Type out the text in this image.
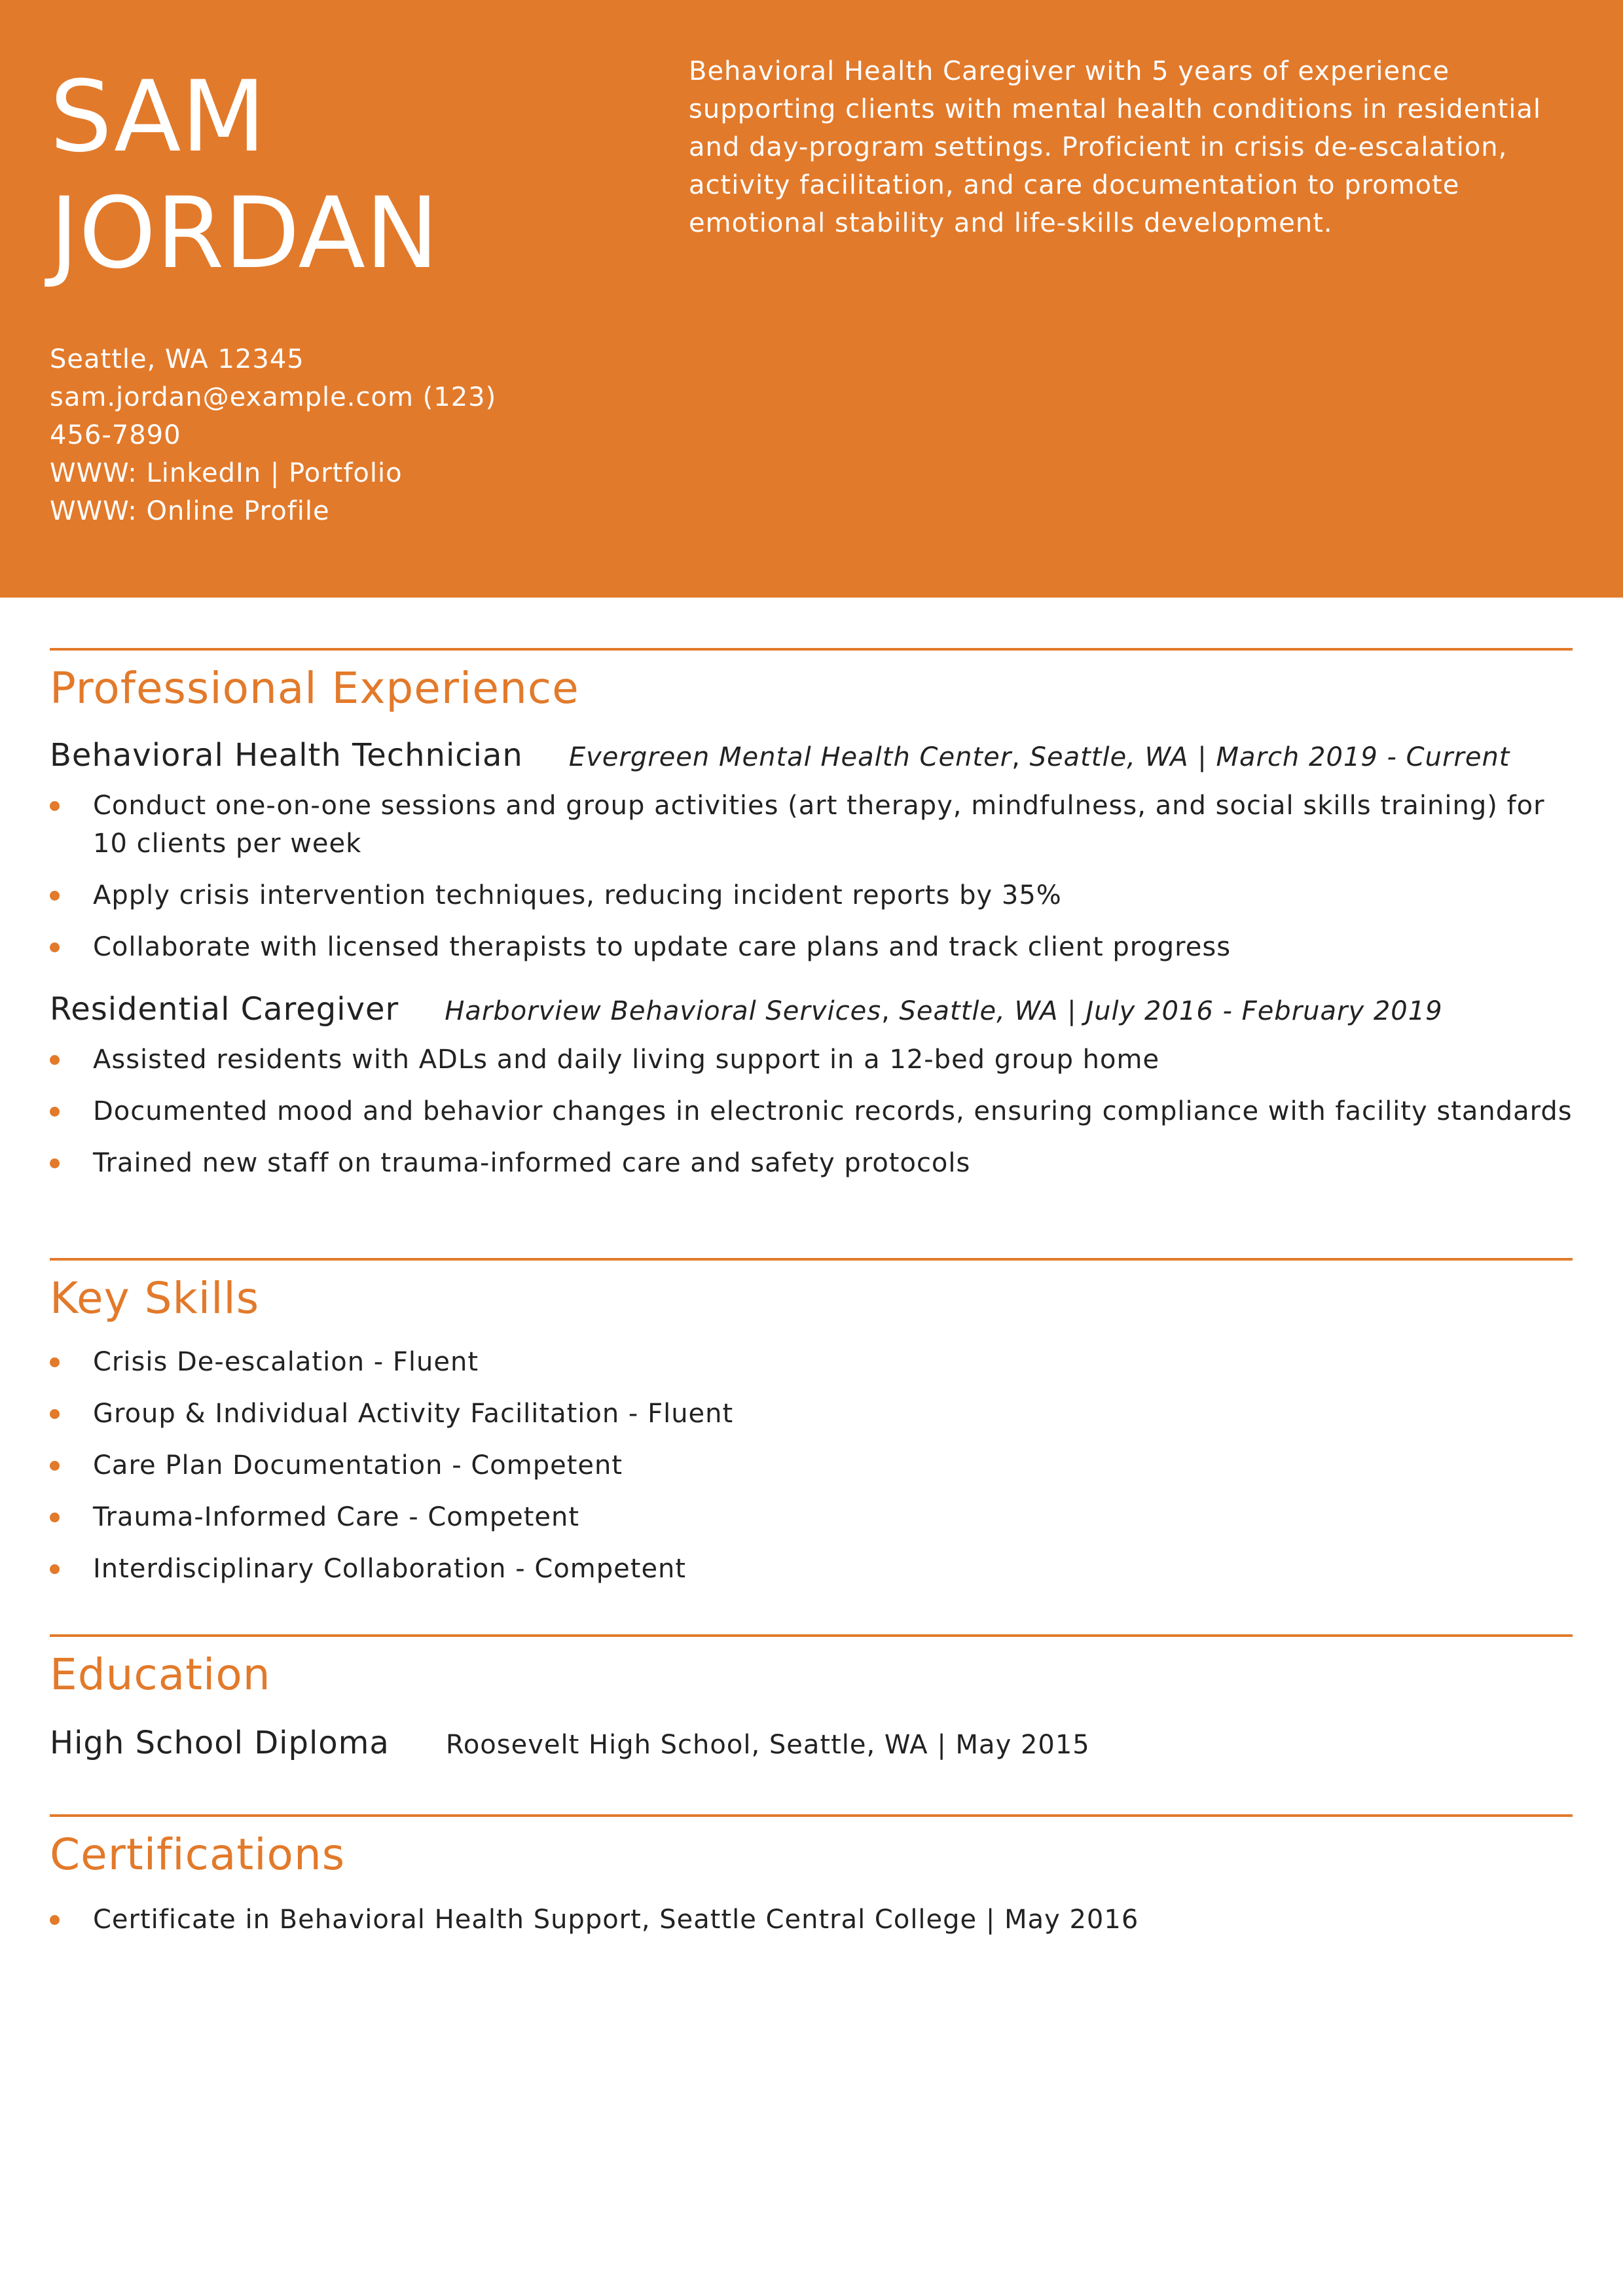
SAM
JORDAN
Behavioral Health Caregiver with 5 years of experience supporting clients with mental health conditions in residential and day-program settings. Proficient in crisis de-escalation, activity facilitation, and care documentation to promote emotional stability and life-skills development.
Seattle, WA 12345
sam.jordan@example.com (123)
456-7890
WWW: LinkedIn | Portfolio
WWW: Online Profile
Professional Experience
Behavioral Health Technician Evergreen Mental Health Center, Seattle, WA | March 2019 - Current
Conduct one-on-one sessions and group activities (art therapy, mindfulness, and social skills training) for 10 clients per week
Apply crisis intervention techniques, reducing incident reports by 35%
Collaborate with licensed therapists to update care plans and track client progress
Residential Caregiver Harborview Behavioral Services, Seattle, WA | July 2016 - February 2019
Assisted residents with ADLs and daily living support in a 12-bed group home
Documented mood and behavior changes in electronic records, ensuring compliance with facility standards
Trained new staff on trauma-informed care and safety protocols
Key Skills
Crisis De-escalation - Fluent
Group & Individual Activity Facilitation - Fluent
Care Plan Documentation - Competent
Trauma-Informed Care - Competent
Interdisciplinary Collaboration - Competent
Education
High School Diploma Roosevelt High School, Seattle, WA | May 2015
Certifications
Certificate in Behavioral Health Support, Seattle Central College | May 2016
